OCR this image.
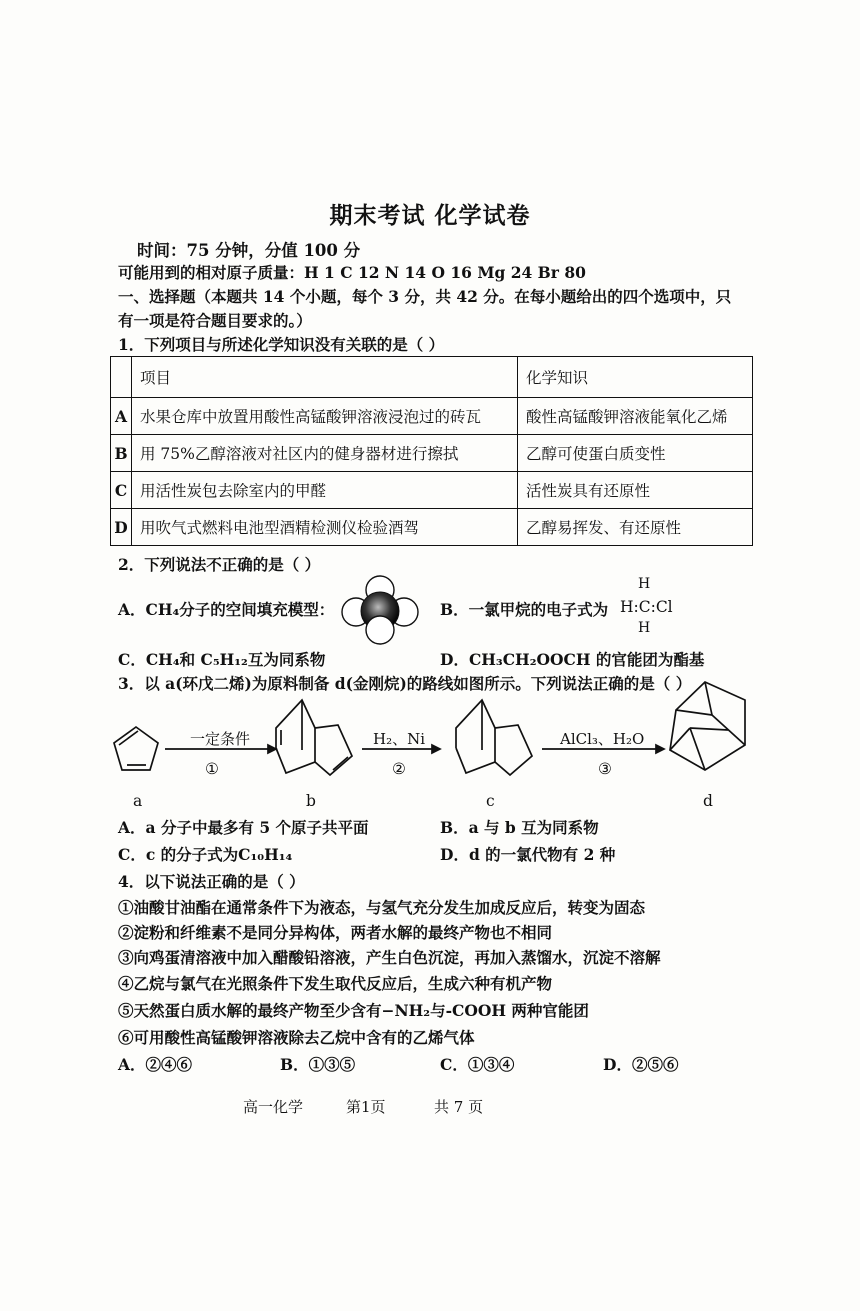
期末考试 化学试卷
时间：75 分钟，分值 100 分
可能用到的相对原子质量：H 1 C 12 N 14 O 16 Mg 24 Br 80
一、选择题（本题共 14 个小题，每个 3 分，共 42 分。在每小题给出的四个选项中，只
有一项是符合题目要求的。）
1．下列项目与所述化学知识没有关联的是（ ）
	项目	化学知识
A	水果仓库中放置用酸性高锰酸钾溶液浸泡过的砖瓦	酸性高锰酸钾溶液能氧化乙烯
B	用 75%乙醇溶液对社区内的健身器材进行擦拭	乙醇可使蛋白质变性
C	用活性炭包去除室内的甲醛	活性炭具有还原性
D	用吹气式燃料电池型酒精检测仪检验酒驾	乙醇易挥发、有还原性
2．下列说法不正确的是（ ）
A．CH₄分子的空间填充模型：	B．一氯甲烷的电子式为
H
H:C:Cl
H
C．CH₄和 C₅H₁₂互为同系物	D．CH₃CH₂OOCH 的官能团为酯基
3．以 a(环戊二烯)为原料制备 d(金刚烷)的路线如图所示。下列说法正确的是（ ）
一定条件
①
H₂、Ni
②
AlCl₃、H₂O
③
a	b	c	d
A．a 分子中最多有 5 个原子共平面	B．a 与 b 互为同系物
C．c 的分子式为C₁₀H₁₄	D．d 的一氯代物有 2 种
4．以下说法正确的是（ ）
①油酸甘油酯在通常条件下为液态，与氢气充分发生加成反应后，转变为固态
②淀粉和纤维素不是同分异构体，两者水解的最终产物也不相同
③向鸡蛋清溶液中加入醋酸铅溶液，产生白色沉淀，再加入蒸馏水，沉淀不溶解
④乙烷与氯气在光照条件下发生取代反应后，生成六种有机产物
⑤天然蛋白质水解的最终产物至少含有−NH₂与-COOH 两种官能团
⑥可用酸性高锰酸钾溶液除去乙烷中含有的乙烯气体
A．②④⑥	B．①③⑤	C．①③④	D．②⑤⑥
高一化学	第1页	共 7 页
